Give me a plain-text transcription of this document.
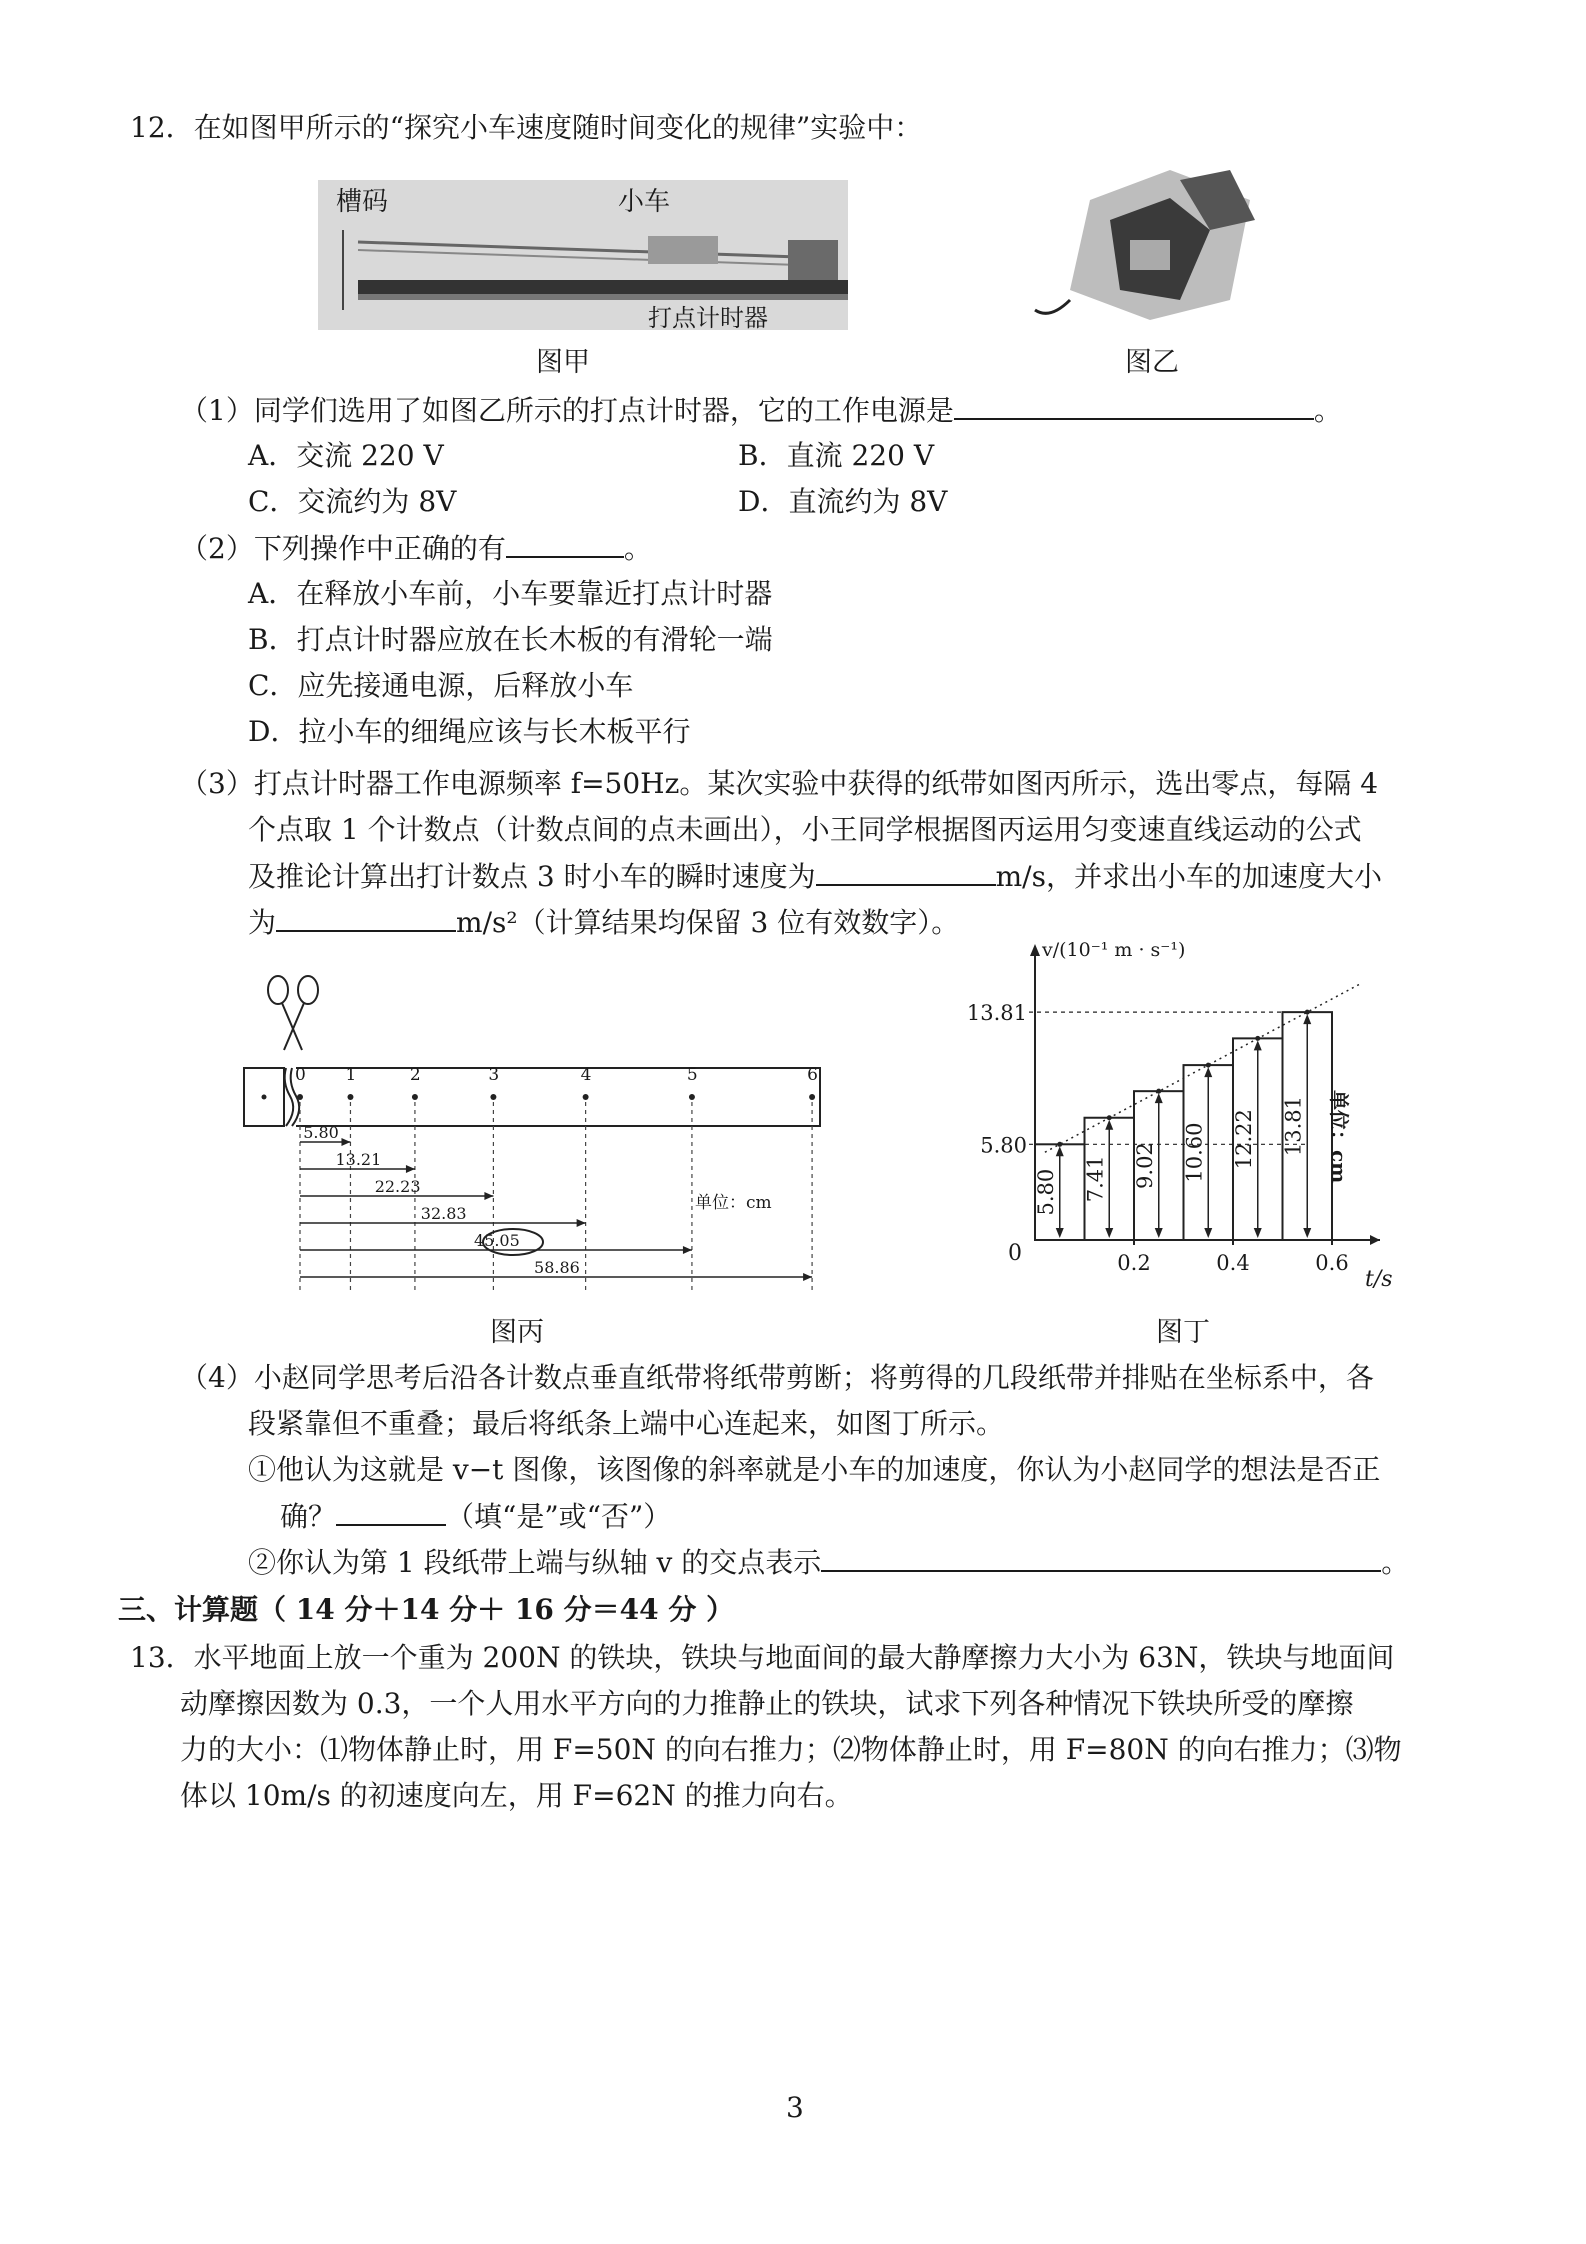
12．在如图甲所示的“探究小车速度随时间变化的规律”实验中：
槽码	小车
打点计时器
图甲	图乙
（1）同学们选用了如图乙所示的打点计时器，它的工作电源是	。
A．交流 220 V	B．直流 220 V
C．交流约为 8V	D．直流约为 8V
（2）下列操作中正确的有	。
A．在释放小车前，小车要靠近打点计时器
B．打点计时器应放在长木板的有滑轮一端
C．应先接通电源，后释放小车
D．拉小车的细绳应该与长木板平行
（3）打点计时器工作电源频率 f=50Hz。某次实验中获得的纸带如图丙所示，选出零点，每隔 4
个点取 1 个计数点（计数点间的点未画出），小王同学根据图丙运用匀变速直线运动的公式
及推论计算出打计数点 3 时小车的瞬时速度为	m/s，并求出小车的加速度大小
为	m/s²（计算结果均保留 3 位有效数字）。
0 1	2	3	4	5	6
5.80
13.21
22.23
32.83
45.05
58.86
单位：cm
图丙
v/(10⁻¹ m · s⁻¹)
t/s
0
5.80 7.41 9.02 10.60 12.22 13.81
5.80
13.81
0.2	0.4	0.6
单位：cm
图丁
（4）小赵同学思考后沿各计数点垂直纸带将纸带剪断；将剪得的几段纸带并排贴在坐标系中，各
段紧靠但不重叠；最后将纸条上端中心连起来，如图丁所示。
①他认为这就是 v−t 图像，该图像的斜率就是小车的加速度，你认为小赵同学的想法是否正
确？	（填“是”或“否”）
②你认为第 1 段纸带上端与纵轴 v 的交点表示	。
三、计算题（ 14 分＋14 分＋ 16 分＝44 分 ）
13．水平地面上放一个重为 200N 的铁块，铁块与地面间的最大静摩擦力大小为 63N，铁块与地面间
动摩擦因数为 0.3，一个人用水平方向的力推静止的铁块，试求下列各种情况下铁块所受的摩擦
力的大小：⑴物体静止时，用 F=50N 的向右推力；⑵物体静止时，用 F=80N 的向右推力；⑶物
体以 10m/s 的初速度向左，用 F=62N 的推力向右。
3
